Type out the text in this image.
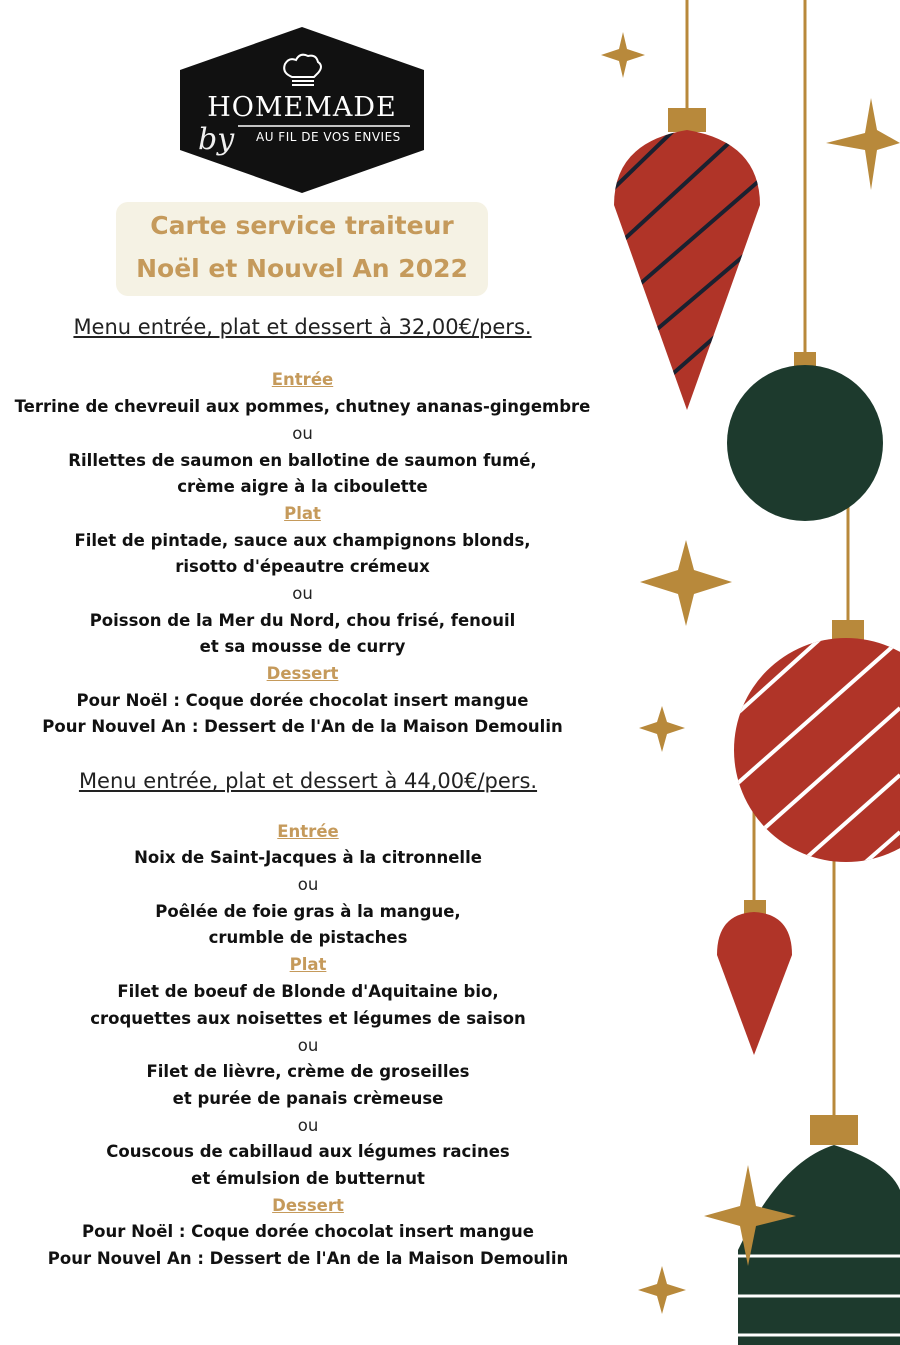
HOMEMADE
by AU FIL DE VOS ENVIES
Carte service traiteur
Noël et Nouvel An 2022
Menu entrée, plat et dessert à 32,00€/pers.
Entrée
Terrine de chevreuil aux pommes, chutney ananas-gingembre
ou
Rillettes de saumon en ballotine de saumon fumé,
crème aigre à la ciboulette
Plat
Filet de pintade, sauce aux champignons blonds,
risotto d'épeautre crémeux
ou
Poisson de la Mer du Nord, chou frisé, fenouil
et sa mousse de curry
Dessert
Pour Noël : Coque dorée chocolat insert mangue
Pour Nouvel An : Dessert de l'An de la Maison Demoulin
Menu entrée, plat et dessert à 44,00€/pers.
Entrée
Noix de Saint-Jacques à la citronnelle
ou
Poêlée de foie gras à la mangue,
crumble de pistaches
Plat
Filet de boeuf de Blonde d'Aquitaine bio,
croquettes aux noisettes et légumes de saison
ou
Filet de lièvre, crème de groseilles
et purée de panais crèmeuse
ou
Couscous de cabillaud aux légumes racines
et émulsion de butternut
Dessert
Pour Noël : Coque dorée chocolat insert mangue
Pour Nouvel An : Dessert de l'An de la Maison Demoulin
